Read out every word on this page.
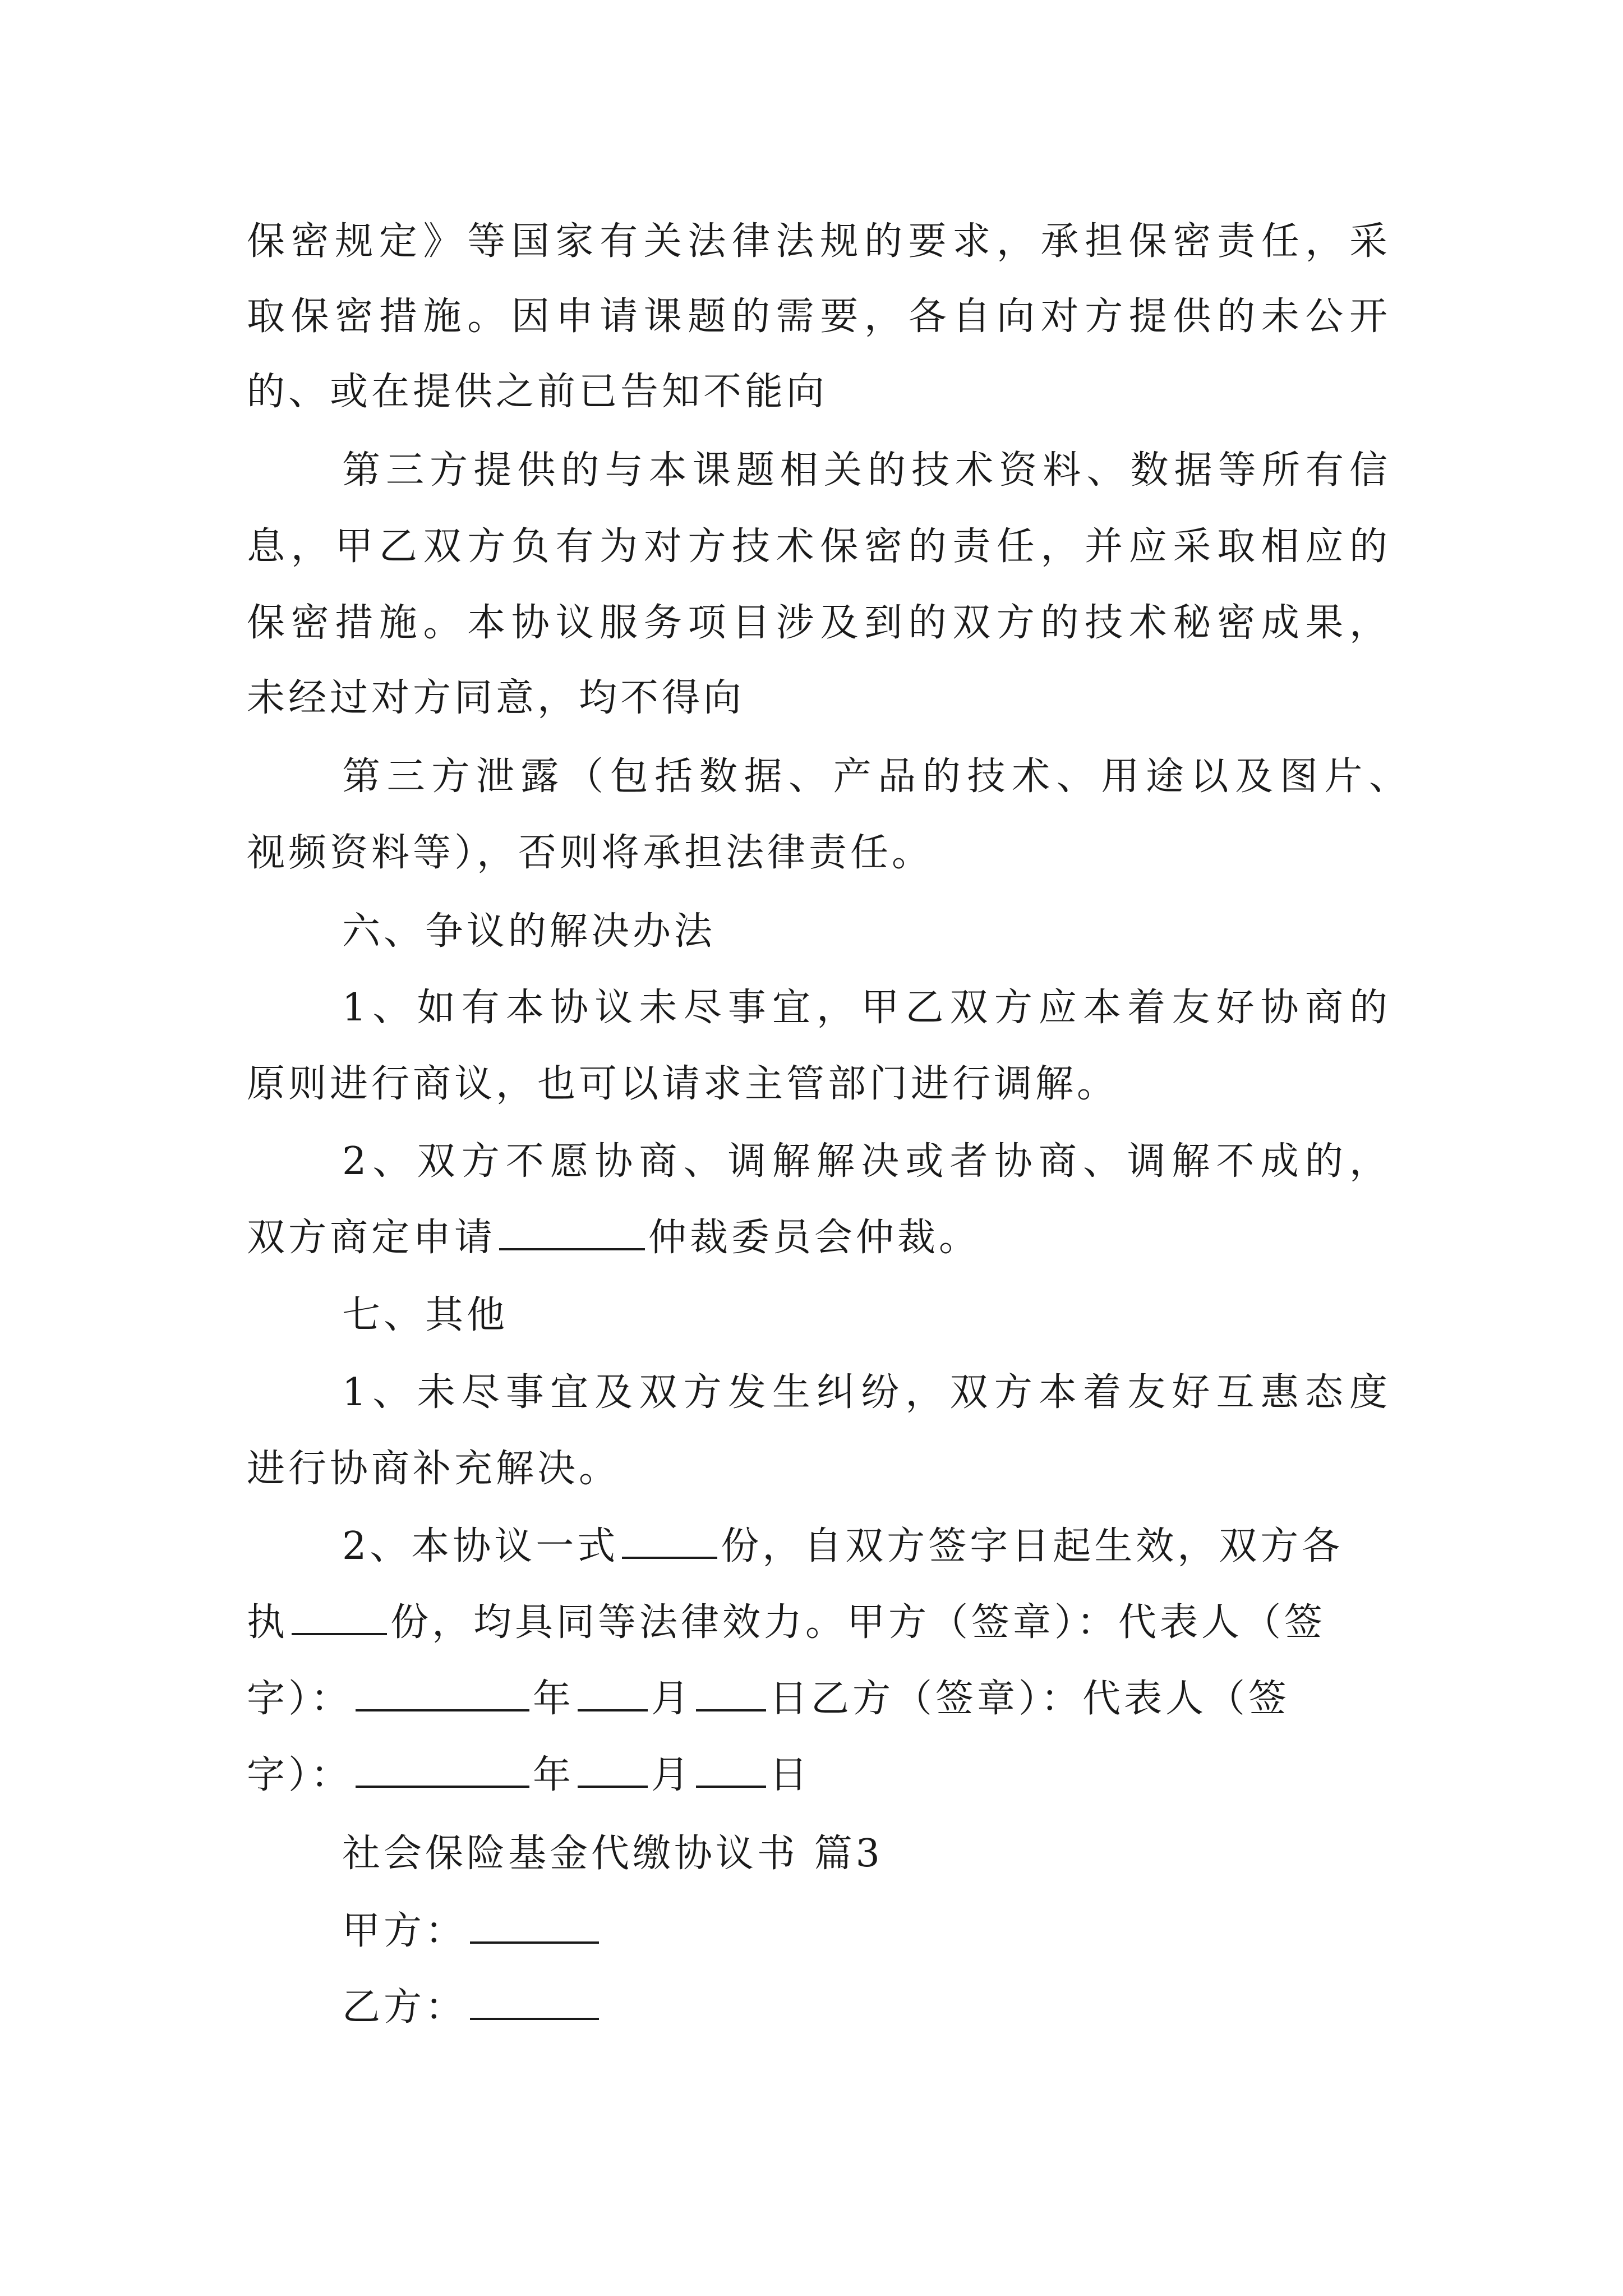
保密规定》等国家有关法律法规的要求，承担保密责任，采
取保密措施。因申请课题的需要，各自向对方提供的未公开
的、或在提供之前已告知不能向
第三方提供的与本课题相关的技术资料、数据等所有信
息，甲乙双方负有为对方技术保密的责任，并应采取相应的
保密措施。本协议服务项目涉及到的双方的技术秘密成果，
未经过对方同意，均不得向
第三方泄露（包括数据、产品的技术、用途以及图片、
视频资料等），否则将承担法律责任。
六、争议的解决办法
1、如有本协议未尽事宜，甲乙双方应本着友好协商的
原则进行商议，也可以请求主管部门进行调解。
2、双方不愿协商、调解解决或者协商、调解不成的，
双方商定申请	仲裁委员会仲裁。
七、其他
1、未尽事宜及双方发生纠纷，双方本着友好互惠态度
进行协商补充解决。
2、本协议一式	份，自双方签字日起生效，双方各
执	份，均具同等法律效力。甲方（签章）：代表人（签
字）：	年 月 日乙方（签章）：代表人（签
字）：	年 月 日
社会保险基金代缴协议书 篇3
甲方：
乙方：
